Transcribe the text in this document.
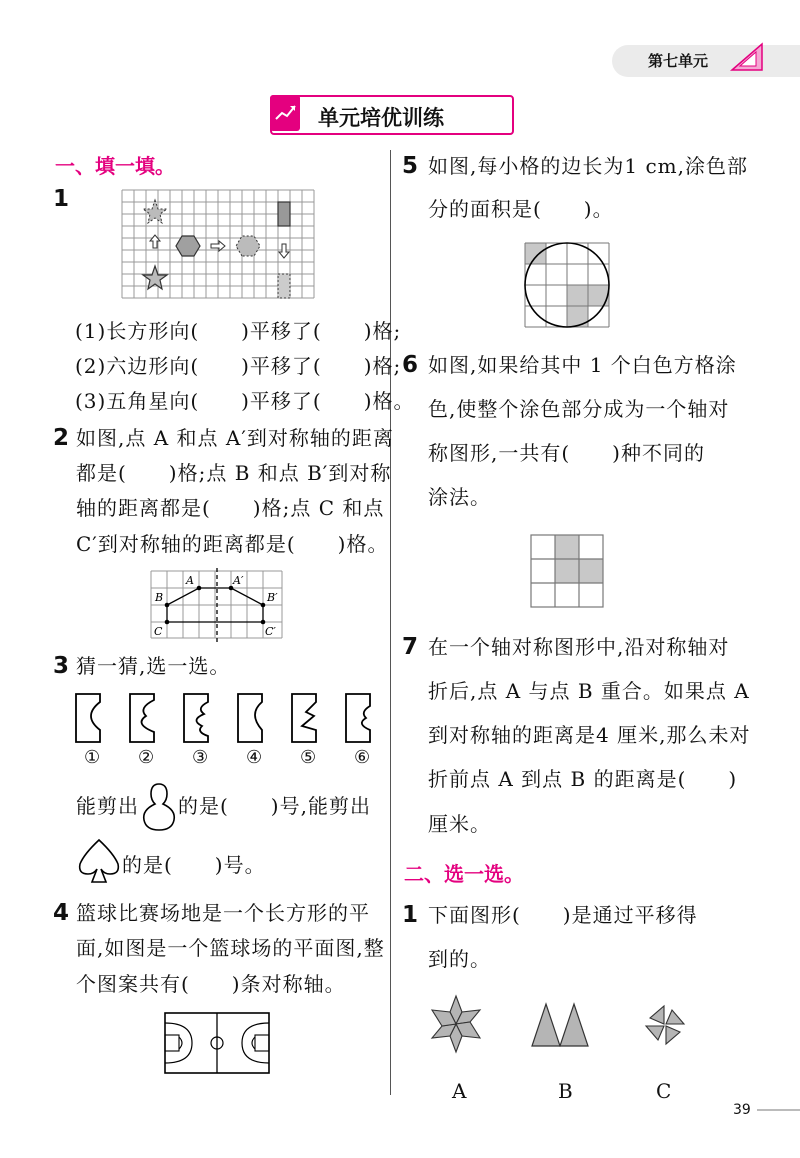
第七单元
单元培优训练
一、填一填。
1
(1)长方形向(　　)平移了(　　)格;
(2)六边形向(　　)平移了(　　)格;
(3)五角星向(　　)平移了(　　)格。
2 如图,点 A 和点 A′到对称轴的距离
都是(　　)格;点 B 和点 B′到对称
轴的距离都是(　　)格;点 C 和点
C′到对称轴的距离都是(　　)格。
A	A′
B	B′
C	C′
3 猜一猜,选一选。
① ② ③ ④ ⑤ ⑥
能剪出 的是(　　)号,能剪出
的是(　　)号。
4 篮球比赛场地是一个长方形的平
面,如图是一个篮球场的平面图,整
个图案共有(　　)条对称轴。
5 如图,每小格的边长为1 cm,涂色部
分的面积是(　　)。
6 如图,如果给其中 1 个白色方格涂
色,使整个涂色部分成为一个轴对
称图形,一共有(　　)种不同的
涂法。
7 在一个轴对称图形中,沿对称轴对
折后,点 A 与点 B 重合。如果点 A
到对称轴的距离是4 厘米,那么未对
折前点 A 到点 B 的距离是(　　)
厘米。
二、选一选。
1 下面图形(　　)是通过平移得
到的。
A	B	C
39
